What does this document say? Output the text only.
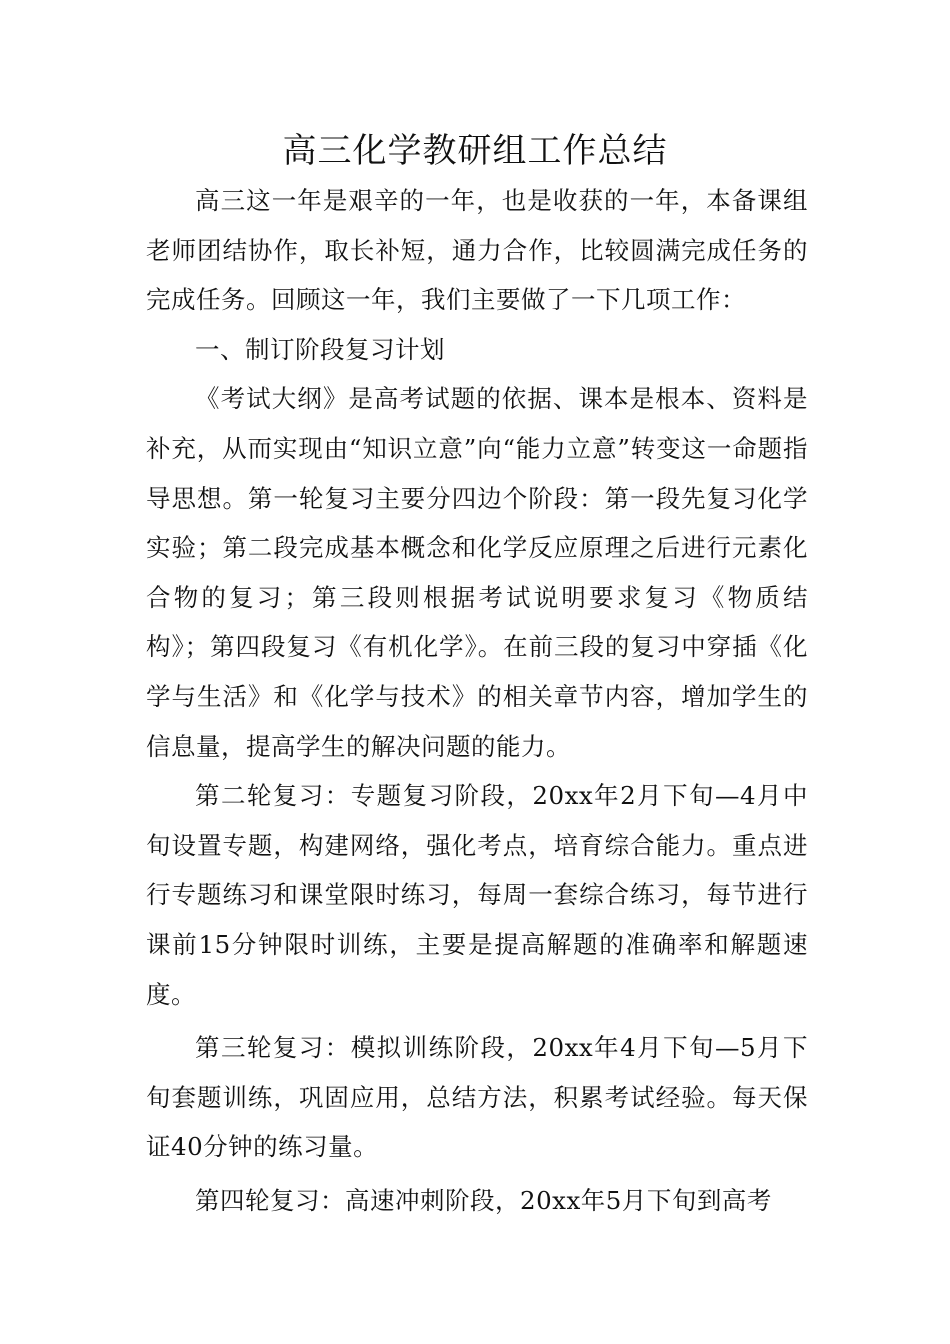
高三化学教研组工作总结

高三这一年是艰辛的一年，也是收获的一年，本备课组老师团结协作，取长补短，通力合作，比较圆满完成任务的完成任务。回顾这一年，我们主要做了一下几项工作：

一、制订阶段复习计划

《考试大纲》是高考试题的依据、课本是根本、资料是补充，从而实现由“知识立意”向“能力立意”转变这一命题指导思想。第一轮复习主要分四边个阶段：第一段先复习化学实验；第二段完成基本概念和化学反应原理之后进行元素化合物的复习；第三段则根据考试说明要求复习《物质结构》；第四段复习《有机化学》。在前三段的复习中穿插《化学与生活》和《化学与技术》的相关章节内容，增加学生的信息量，提高学生的解决问题的能力。

第二轮复习：专题复习阶段，20xx年2月下旬—4月中旬设置专题，构建网络，强化考点，培育综合能力。重点进行专题练习和课堂限时练习，每周一套综合练习，每节进行课前15分钟限时训练，主要是提高解题的准确率和解题速度。

第三轮复习：模拟训练阶段，20xx年4月下旬—5月下旬套题训练，巩固应用，总结方法，积累考试经验。每天保证40分钟的练习量。

第四轮复习：高速冲刺阶段，20xx年5月下旬到高考
